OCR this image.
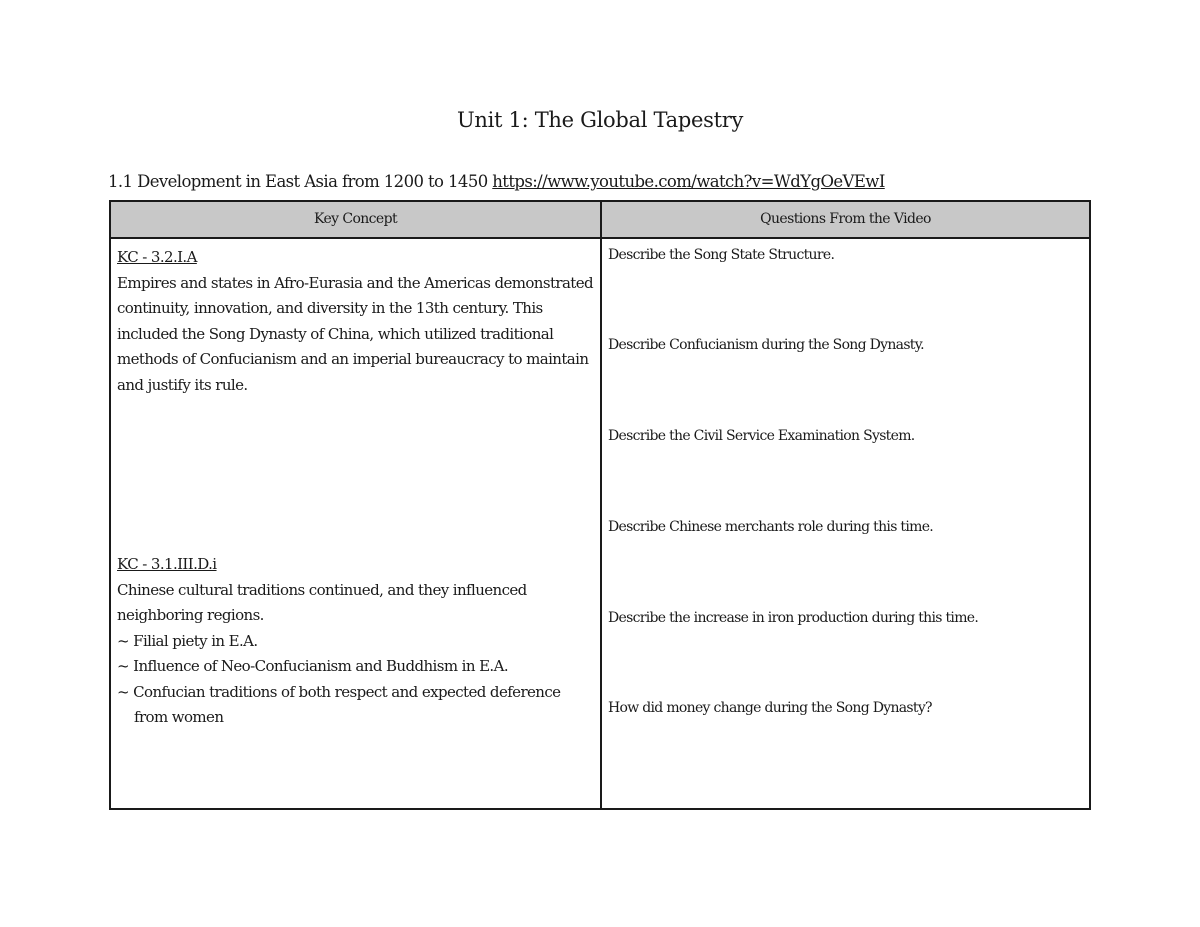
Unit 1: The Global Tapestry
1.1 Development in East Asia from 1200 to 1450 https://www.youtube.com/watch?v=WdYgOeVEwI
Key Concept	Questions From the Video
KC - 3.2.I.A
Empires and states in Afro-Eurasia and the Americas demonstrated continuity, innovation, and diversity in the 13th century. This included the Song Dynasty of China, which utilized traditional methods of Confucianism and an imperial bureaucracy to maintain and justify its rule.
KC - 3.1.III.D.i
Chinese cultural traditions continued, and they influenced neighboring regions.
~ Filial piety in E.A.
~ Influence of Neo-Confucianism and Buddhism in E.A.
~ Confucian traditions of both respect and expected deference from women
Describe the Song State Structure.
Describe Confucianism during the Song Dynasty.
Describe the Civil Service Examination System.
Describe Chinese merchants role during this time.
Describe the increase in iron production during this time.
How did money change during the Song Dynasty?
